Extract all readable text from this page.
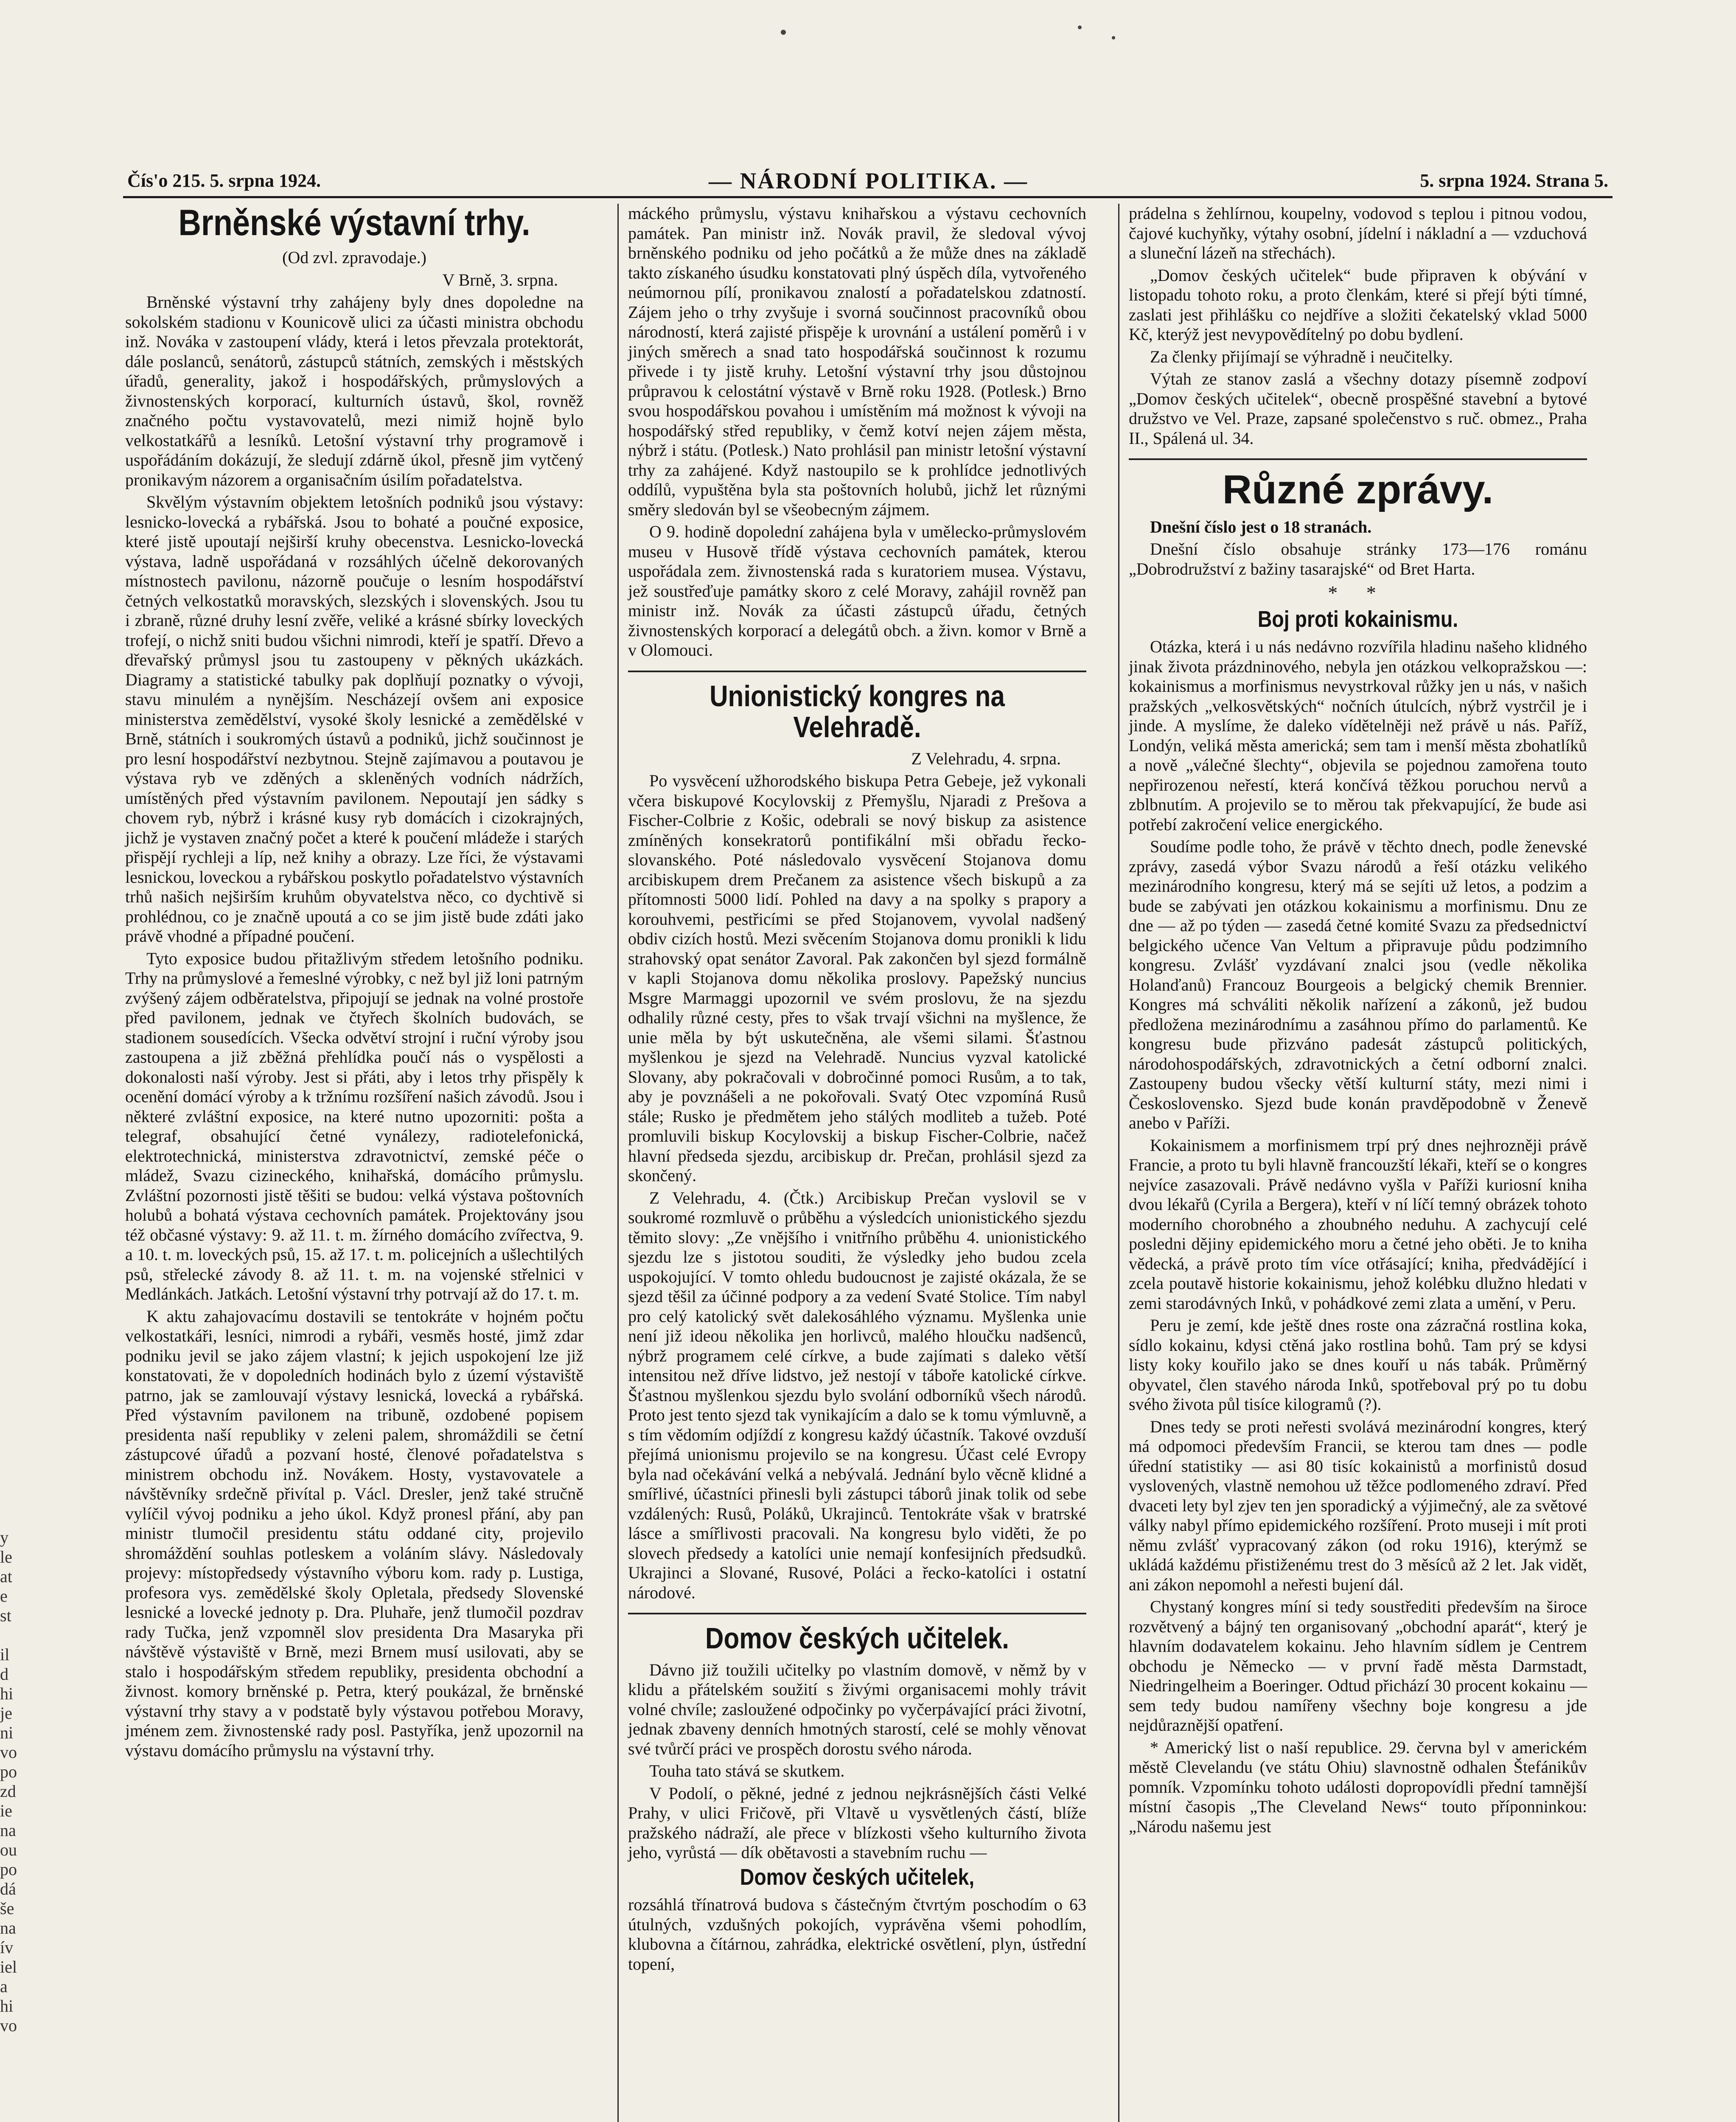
Čís'o 215. 5. srpna 1924.	— NÁRODNÍ POLITIKA. —	5. srpna 1924. Strana 5.
y
le
at
e
st

il
d
hi
je
ni
vo
po
zd
ie
na
ou
po
dá
še
na
ív
iel
a
hi
vo
Brněnské výstavní trhy.

(Od zvl. zpravodaje.)

V Brně, 3. srpna.

Brněnské výstavní trhy zahájeny byly dnes dopoledne na sokolském stadionu v Kounicově ulici za účasti ministra obchodu inž. Nováka v zastoupení vlády, která i letos převzala protektorát, dále poslanců, senátorů, zástupců státních, zemských i městských úřadů, generality, jakož i hospodářských, průmyslových a živnostenských korporací, kulturních ústavů, škol, rovněž značného počtu vystavovatelů, mezi nimiž hojně bylo velkostatkářů a lesníků. Letošní výstavní trhy programově i uspořádáním dokázují, že sledují zdárně úkol, přesně jim vytčený pronikavým názorem a organisačním úsilím pořadatelstva.

Skvělým výstavním objektem letošních podniků jsou výstavy: lesnicko-lovecká a rybářská. Jsou to bohaté a poučné exposice, které jistě upoutají nejširší kruhy obecenstva. Lesnicko-lovecká výstava, ladně uspořádaná v rozsáhlých účelně dekorovaných místnostech pavilonu, názorně poučuje o lesním hospodářství četných velkostatků moravských, slezských i slovenských. Jsou tu i zbraně, různé druhy lesní zvěře, veliké a krásné sbírky loveckých trofejí, o nichž sniti budou všichni nimrodi, kteří je spatří. Dřevo a dřevařský průmysl jsou tu zastoupeny v pěkných ukázkách. Diagramy a statistické tabulky pak doplňují poznatky o vývoji, stavu minulém a nynějším. Nescházejí ovšem ani exposice ministerstva zemědělství, vysoké školy lesnické a zemědělské v Brně, státních i soukromých ústavů a podniků, jichž součinnost je pro lesní hospodářství nezbytnou. Stejně zajímavou a poutavou je výstava ryb ve zděných a skleněných vodních nádržích, umístěných před výstavním pavilonem. Nepoutají jen sádky s chovem ryb, nýbrž i krásné kusy ryb domácích i cizokrajných, jichž je vystaven značný počet a které k poučení mládeže i starých přispějí rychleji a líp, než knihy a obrazy. Lze říci, že výstavami lesnickou, loveckou a rybářskou poskytlo pořadatelstvo výstavních trhů našich nejširším kruhům obyvatelstva něco, co dychtivě si prohlédnou, co je značně upoutá a co se jim jistě bude zdáti jako právě vhodné a případné poučení.

Tyto exposice budou přitažlivým středem letošního podniku. Trhy na průmyslové a řemeslné výrobky, c než byl již loni patrným zvýšený zájem odběratelstva, připojují se jednak na volné prostoře před pavilonem, jednak ve čtyřech školních budovách, se stadionem sousedících. Všecka odvětví strojní i ruční výroby jsou zastoupena a již zběžná přehlídka poučí nás o vyspělosti a dokonalosti naší výroby. Jest si přáti, aby i letos trhy přispěly k ocenění domácí výroby a k tržnímu rozšíření našich závodů. Jsou i některé zvláštní exposice, na které nutno upozorniti: pošta a telegraf, obsahující četné vynálezy, radiotelefonická, elektrotechnická, ministerstva zdravotnictví, zemské péče o mládež, Svazu cizineckého, knihařská, domácího průmyslu. Zvláštní pozornosti jistě těšiti se budou: velká výstava poštovních holubů a bohatá výstava cechovních památek. Projektovány jsou též občasné výstavy: 9. až 11. t. m. žírného domácího zvířectva, 9. a 10. t. m. loveckých psů, 15. až 17. t. m. policejních a ušlechtilých psů, střelecké závody 8. až 11. t. m. na vojenské střelnici v Medlánkách. Jatkách. Letošní výstavní trhy potrvají až do 17. t. m.

K aktu zahajovacímu dostavili se tentokráte v hojném počtu velkostatkáři, lesníci, nimrodi a rybáři, vesměs hosté, jimž zdar podniku jevil se jako zájem vlastní; k jejich uspokojení lze již konstatovati, že v dopoledních hodinách bylo z území výstaviště patrno, jak se zamlouvají výstavy lesnická, lovecká a rybářská. Před výstavním pavilonem na tribuně, ozdobené popisem presidenta naší republiky v zeleni palem, shromáždili se četní zástupcové úřadů a pozvaní hosté, členové pořadatelstva s ministrem obchodu inž. Novákem. Hosty, vystavovatele a návštěvníky srdečně přivítal p. Václ. Dresler, jenž také stručně vylíčil vývoj podniku a jeho úkol. Když pronesl přání, aby pan ministr tlumočil presidentu státu oddané city, projevilo shromáždění souhlas potleskem a voláním slávy. Následovaly projevy: místopředsedy výstavního výboru kom. rady p. Lustiga, profesora vys. zemědělské školy Opletala, předsedy Slovenské lesnické a lovecké jednoty p. Dra. Pluhaře, jenž tlumočil pozdrav rady Tučka, jenž vzpomněl slov presidenta Dra Masaryka při návštěvě výstaviště v Brně, mezi Brnem musí usilovati, aby se stalo i hospodářským středem republiky, presidenta obchodní a živnost. komory brněnské p. Petra, který poukázal, že brněnské výstavní trhy stavy a v podstatě byly výstavou potřebou Moravy, jménem zem. živnostenské rady posl. Pastyříka, jenž upozornil na výstavu domácího průmyslu na výstavní trhy.

máckého průmyslu, výstavu knihařskou a výstavu cechovních památek. Pan ministr inž. Novák pravil, že sledoval vývoj brněnského podniku od jeho počátků a že může dnes na základě takto získaného úsudku konstatovati plný úspěch díla, vytvořeného neúmornou pílí, pronikavou znalostí a pořadatelskou zdatností. Zájem jeho o trhy zvyšuje i svorná součinnost pracovníků obou národností, která zajisté přispěje k urovnání a ustálení poměrů i v jiných směrech a snad tato hospodářská součinnost k rozumu přivede i ty jistě kruhy. Letošní výstavní trhy jsou důstojnou průpravou k celostátní výstavě v Brně roku 1928. (Potlesk.) Brno svou hospodářskou povahou i umístěním má možnost k vývoji na hospodářský střed republiky, v čemž kotví nejen zájem města, nýbrž i státu. (Potlesk.) Nato prohlásil pan ministr letošní výstavní trhy za zahájené. Když nastoupilo se k prohlídce jednotlivých oddílů, vypuštěna byla sta poštovních holubů, jichž let různými směry sledován byl se všeobecným zájmem.

O 9. hodině dopolední zahájena byla v umělecko-průmyslovém museu v Husově třídě výstava cechovních památek, kterou uspořádala zem. živnostenská rada s kuratoriem musea. Výstavu, jež soustřeďuje památky skoro z celé Moravy, zahájil rovněž pan ministr inž. Novák za účasti zástupců úřadu, četných živnostenských korporací a delegátů obch. a živn. komor v Brně a v Olomouci.

Unionistický kongres na Velehradě.

Z Velehradu, 4. srpna.

Po vysvěcení užhorodského biskupa Petra Gebeje, jež vykonali včera biskupové Kocylovskij z Přemyšlu, Njaradi z Prešova a Fischer-Colbrie z Košic, odebrali se nový biskup za asistence zmíněných konsekratorů pontifikální mši obřadu řecko-slovanského. Poté následovalo vysvěcení Stojanova domu arcibiskupem drem Prečanem za asistence všech biskupů a za přítomnosti 5000 lidí. Pohled na davy a na spolky s prapory a korouhvemi, pestřicími se před Stojanovem, vyvolal nadšený obdiv cizích hostů. Mezi svěcením Stojanova domu pronikli k lidu strahovský opat senátor Zavoral. Pak zakončen byl sjezd formálně v kapli Stojanova domu několika proslovy. Papežský nuncius Msgre Marmaggi upozornil ve svém proslovu, že na sjezdu odhalily různé cesty, přes to však trvají všichni na myšlence, že unie měla by být uskutečněna, ale všemi silami. Šťastnou myšlenkou je sjezd na Velehradě. Nuncius vyzval katolické Slovany, aby pokračovali v dobročinné pomoci Rusům, a to tak, aby je povznášeli a ne pokořovali. Svatý Otec vzpomíná Rusů stále; Rusko je předmětem jeho stálých modliteb a tužeb. Poté promluvili biskup Kocylovskij a biskup Fischer-Colbrie, načež hlavní předseda sjezdu, arcibiskup dr. Prečan, prohlásil sjezd za skončený.

Z Velehradu, 4. (Čtk.) Arcibiskup Prečan vyslovil se v soukromé rozmluvě o průběhu a výsledcích unionistického sjezdu těmito slovy: „Ze vnějšího i vnitřního průběhu 4. unionistického sjezdu lze s jistotou souditi, že výsledky jeho budou zcela uspokojující. V tomto ohledu budoucnost je zajisté okázala, že se sjezd těšil za účinné podpory a za vedení Svaté Stolice. Tím nabyl pro celý katolický svět dalekosáhlého významu. Myšlenka unie není již ideou několika jen horlivců, malého hloučku nadšenců, nýbrž programem celé církve, a bude zajímati s daleko větší intensitou než dříve lidstvo, jež nestojí v táboře katolické církve. Šťastnou myšlenkou sjezdu bylo svolání odborníků všech národů. Proto jest tento sjezd tak vynikajícím a dalo se k tomu výmluvně, a s tím vědomím odjíždí z kongresu každý účastník. Takové ovzduší přejímá unionismu projevilo se na kongresu. Účast celé Evropy byla nad očekávání velká a nebývalá. Jednání bylo věcně klidné a smířlivé, účastníci přinesli byli zástupci táborů jinak tolik od sebe vzdálených: Rusů, Poláků, Ukrajinců. Tentokráte však v bratrské lásce a smířlivosti pracovali. Na kongresu bylo viděti, že po slovech předsedy a katolíci unie nemají konfesijních předsudků. Ukrajinci a Slované, Rusové, Poláci a řecko-katolíci i ostatní národové.

Domov českých učitelek.

Dávno již toužili učitelky po vlastním domově, v němž by v klidu a přátelském soužití s živými organisacemi mohly trávit volné chvíle; zasloužené odpočinky po vyčerpávající práci životní, jednak zbaveny denních hmotných starostí, celé se mohly věnovat své tvůrčí práci ve prospěch dorostu svého národa.

Touha tato stává se skutkem.

V Podolí, o pěkné, jedné z jednou nejkrásnějších části Velké Prahy, v ulici Fričově, při Vltavě u vysvětlených částí, blíže pražského nádraží, ale přece v blízkosti všeho kulturního života jeho, vyrůstá — dík obětavosti a stavebním ruchu —

Domov českých učitelek,

rozsáhlá třínatrová budova s částečným čtvrtým poschodím o 63 útulných, vzdušných pokojích, vyprávěna všemi pohodlím, klubovna a čítárnou, zahrádka, elektrické osvětlení, plyn, ústřední topení,

prádelna s žehlírnou, koupelny, vodovod s teplou i pitnou vodou, čajové kuchyňky, výtahy osobní, jídelní i nákladní a — vzduchová a sluneční lázeň na střechách).

„Domov českých učitelek“ bude připraven k obývání v listopadu tohoto roku, a proto členkám, které si přejí býti tímné, zaslati jest přihlášku co nejdříve a složiti čekatelský vklad 5000 Kč, kterýž jest nevypovědítelný po dobu bydlení.

Za členky přijímají se výhradně i neučitelky.

Výtah ze stanov zaslá a všechny dotazy písemně zodpoví „Domov českých učitelek“, obecně prospěšné stavební a bytové družstvo ve Vel. Praze, zapsané společenstvo s ruč. obmez., Praha II., Spálená ul. 34.

Různé zprávy.

Dnešní číslo jest o 18 stranách.

Dnešní číslo obsahuje stránky 173—176 románu „Dobrodružství z bažiny tasarajské“ od Bret Harta.

* *
Boj proti kokainismu.

Otázka, která i u nás nedávno rozvířila hladinu našeho klidného jinak života prázdninového, nebyla jen otázkou velkopražskou —: kokainismus a morfinismus nevystrkoval růžky jen u nás, v našich pražských „velkosvětských“ nočních útulcích, nýbrž vystrčil je i jinde. A myslíme, že daleko vídětelněji než právě u nás. Paříž, Londýn, veliká města americká; sem tam i menší města zbohatlíků a nově „válečné šlechty“, objevila se pojednou zamořena touto nepřirozenou neřestí, která končívá těžkou poruchou nervů a zblbnutím. A projevilo se to měrou tak překvapující, že bude asi potřebí zakročení velice energického.

Soudíme podle toho, že právě v těchto dnech, podle ženevské zprávy, zasedá výbor Svazu národů a řeší otázku velikého mezinárodního kongresu, který má se sejíti už letos, a podzim a bude se zabývati jen otázkou kokainismu a morfinismu. Dnu ze dne — až po týden — zasedá četné komité Svazu za předsednictví belgického učence Van Veltum a připravuje půdu podzimního kongresu. Zvlášť vyzdávaní znalci jsou (vedle několika Holanďanů) Francouz Bourgeois a belgický chemik Brennier. Kongres má schváliti několik nařízení a zákonů, jež budou předložena mezinárodnímu a zasáhnou přímo do parlamentů. Ke kongresu bude přizváno padesát zástupců politických, národohospodářských, zdravotnických a četní odborní znalci. Zastoupeny budou všecky větší kulturní státy, mezi nimi i Československo. Sjezd bude konán pravděpodobně v Ženevě anebo v Paříži.

Kokainismem a morfinismem trpí prý dnes nejhrozněji právě Francie, a proto tu byli hlavně francouzští lékaři, kteří se o kongres nejvíce zasazovali. Právě nedávno vyšla v Paříži kuriosní kniha dvou lékařů (Cyrila a Bergera), kteří v ní líčí temný obrázek tohoto moderního chorobného a zhoubného neduhu. A zachycují celé posledni dějiny epidemického moru a četné jeho oběti. Je to kniha vědecká, a právě proto tím více otřásající; kniha, předvádějící i zcela poutavě historie kokainismu, jehož kolébku dlužno hledati v zemi starodávných Inků, v pohádkové zemi zlata a umění, v Peru.

Peru je zemí, kde ještě dnes roste ona zázračná rostlina koka, sídlo kokainu, kdysi ctěná jako rostlina bohů. Tam prý se kdysi listy koky kouřilo jako se dnes kouří u nás tabák. Průměrný obyvatel, člen stavého národa Inků, spotřeboval prý po tu dobu svého života půl tisíce kilogramů (?).

Dnes tedy se proti neřesti svolává mezinárodní kongres, který má odpomoci především Francii, se kterou tam dnes — podle úřední statistiky — asi 80 tisíc kokainistů a morfinistů dosud vyslovených, vlastně nemohou už těžce podlomeného zdraví. Před dvaceti lety byl zjev ten jen sporadický a výjimečný, ale za světové války nabyl přímo epidemického rozšíření. Proto museji i mít proti němu zvlášť vypracovaný zákon (od roku 1916), kterýmž se ukládá každému přistiženému trest do 3 měsíců až 2 let. Jak vidět, ani zákon nepomohl a neřesti bujení dál.

Chystaný kongres míní si tedy soustřediti především na široce rozvětvený a bájný ten organisovaný „obchodní aparát“, který je hlavním dodavatelem kokainu. Jeho hlavním sídlem je Centrem obchodu je Německo — v první řadě města Darmstadt, Niedringelheim a Boeringer. Odtud přichází 30 procent kokainu — sem tedy budou namířeny všechny boje kongresu a jde nejdůraznější opatření.

* Americký list o naší republice. 29. června byl v americkém městě Clevelandu (ve státu Ohiu) slavnostně odhalen Štefánikův pomník. Vzpomínku tohoto události dopropovídli přední tamnější místní časopis „The Cleveland News“ touto příponninkou: „Národu našemu jest
